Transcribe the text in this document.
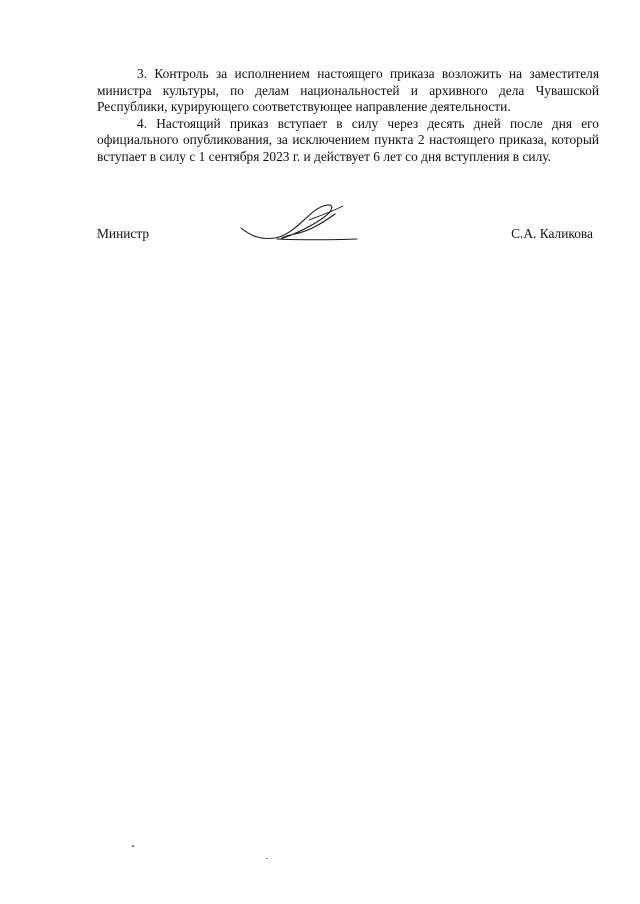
3. Контроль за исполнением настоящего приказа возложить на заместителя министра культуры, по делам национальностей и архивного дела Чувашской Республики, курирующего соответствующее направление деятельности.

4. Настоящий приказ вступает в силу через десять дней после дня его официального опубликования, за исключением пункта 2 настоящего приказа, который вступает в силу с 1 сентября 2023 г. и действует 6 лет со дня вступления в силу.

Министр	С.А. Каликова
